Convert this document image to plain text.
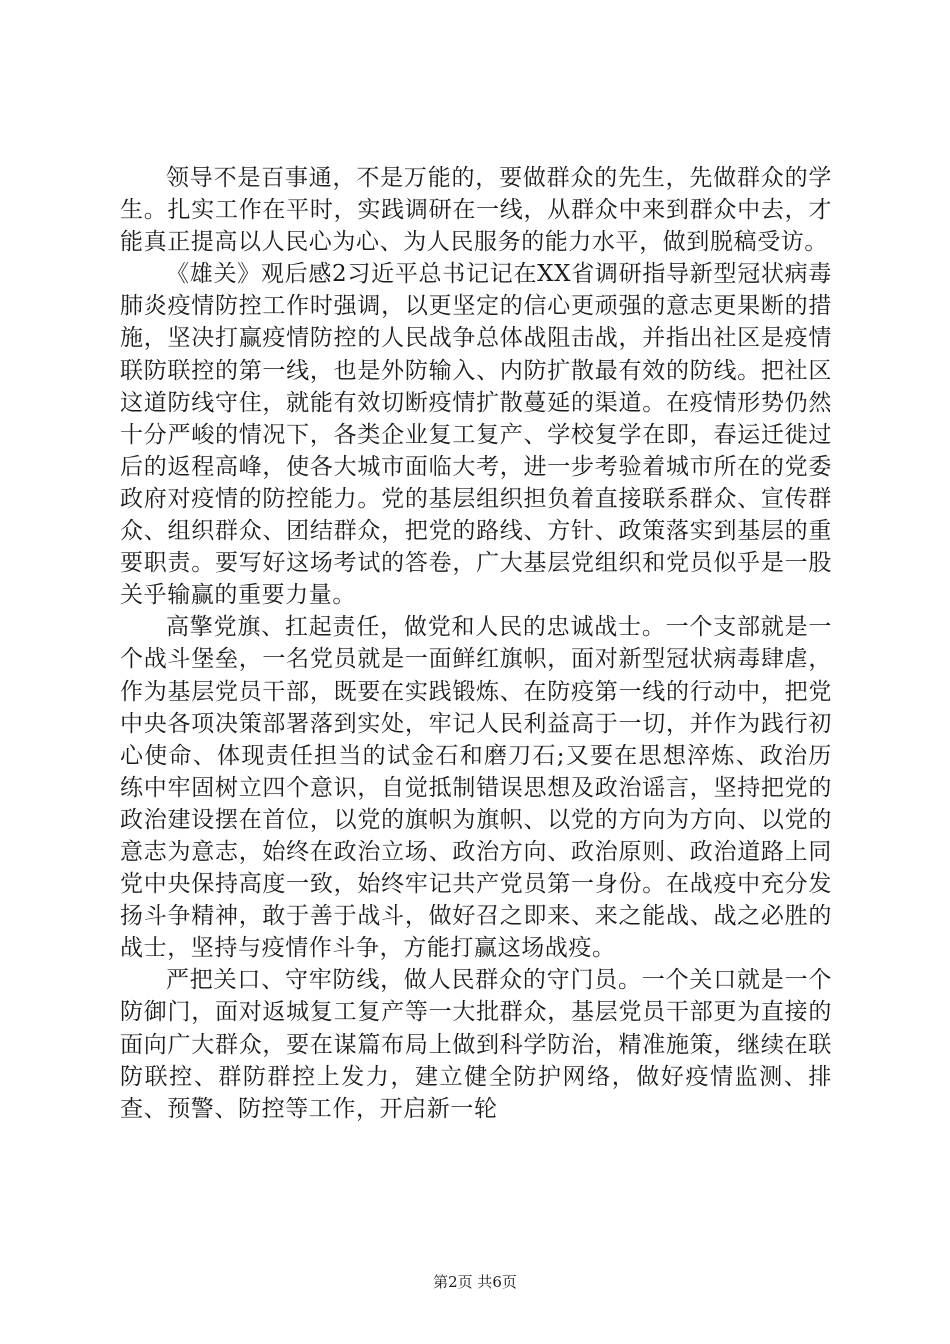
领导不是百事通，不是万能的，要做群众的先生，先做群众的学生。扎实工作在平时，实践调研在一线，从群众中来到群众中去，才能真正提高以人民心为心、为人民服务的能力水平，做到脱稿受访。

《雄关》观后感2习近平总书记记在XX省调研指导新型冠状病毒肺炎疫情防控工作时强调，以更坚定的信心更顽强的意志更果断的措施，坚决打赢疫情防控的人民战争总体战阻击战，并指出社区是疫情联防联控的第一线，也是外防输入、内防扩散最有效的防线。把社区这道防线守住，就能有效切断疫情扩散蔓延的渠道。在疫情形势仍然十分严峻的情况下，各类企业复工复产、学校复学在即，春运迁徙过后的返程高峰，使各大城市面临大考，进一步考验着城市所在的党委政府对疫情的防控能力。党的基层组织担负着直接联系群众、宣传群众、组织群众、团结群众，把党的路线、方针、政策落实到基层的重要职责。要写好这场考试的答卷，广大基层党组织和党员似乎是一股关乎输赢的重要力量。

高擎党旗、扛起责任，做党和人民的忠诚战士。一个支部就是一个战斗堡垒，一名党员就是一面鲜红旗帜，面对新型冠状病毒肆虐，作为基层党员干部，既要在实践锻炼、在防疫第一线的行动中，把党中央各项决策部署落到实处，牢记人民利益高于一切，并作为践行初心使命、体现责任担当的试金石和磨刀石;又要在思想淬炼、政治历练中牢固树立四个意识，自觉抵制错误思想及政治谣言，坚持把党的政治建设摆在首位，以党的旗帜为旗帜、以党的方向为方向、以党的意志为意志，始终在政治立场、政治方向、政治原则、政治道路上同党中央保持高度一致，始终牢记共产党员第一身份。在战疫中充分发扬斗争精神，敢于善于战斗，做好召之即来、来之能战、战之必胜的战士，坚持与疫情作斗争，方能打赢这场战疫。

严把关口、守牢防线，做人民群众的守门员。一个关口就是一个防御门，面对返城复工复产等一大批群众，基层党员干部更为直接的面向广大群众，要在谋篇布局上做到科学防治，精准施策，继续在联防联控、群防群控上发力，建立健全防护网络，做好疫情监测、排查、预警、防控等工作，开启新一轮

第2页 共6页
